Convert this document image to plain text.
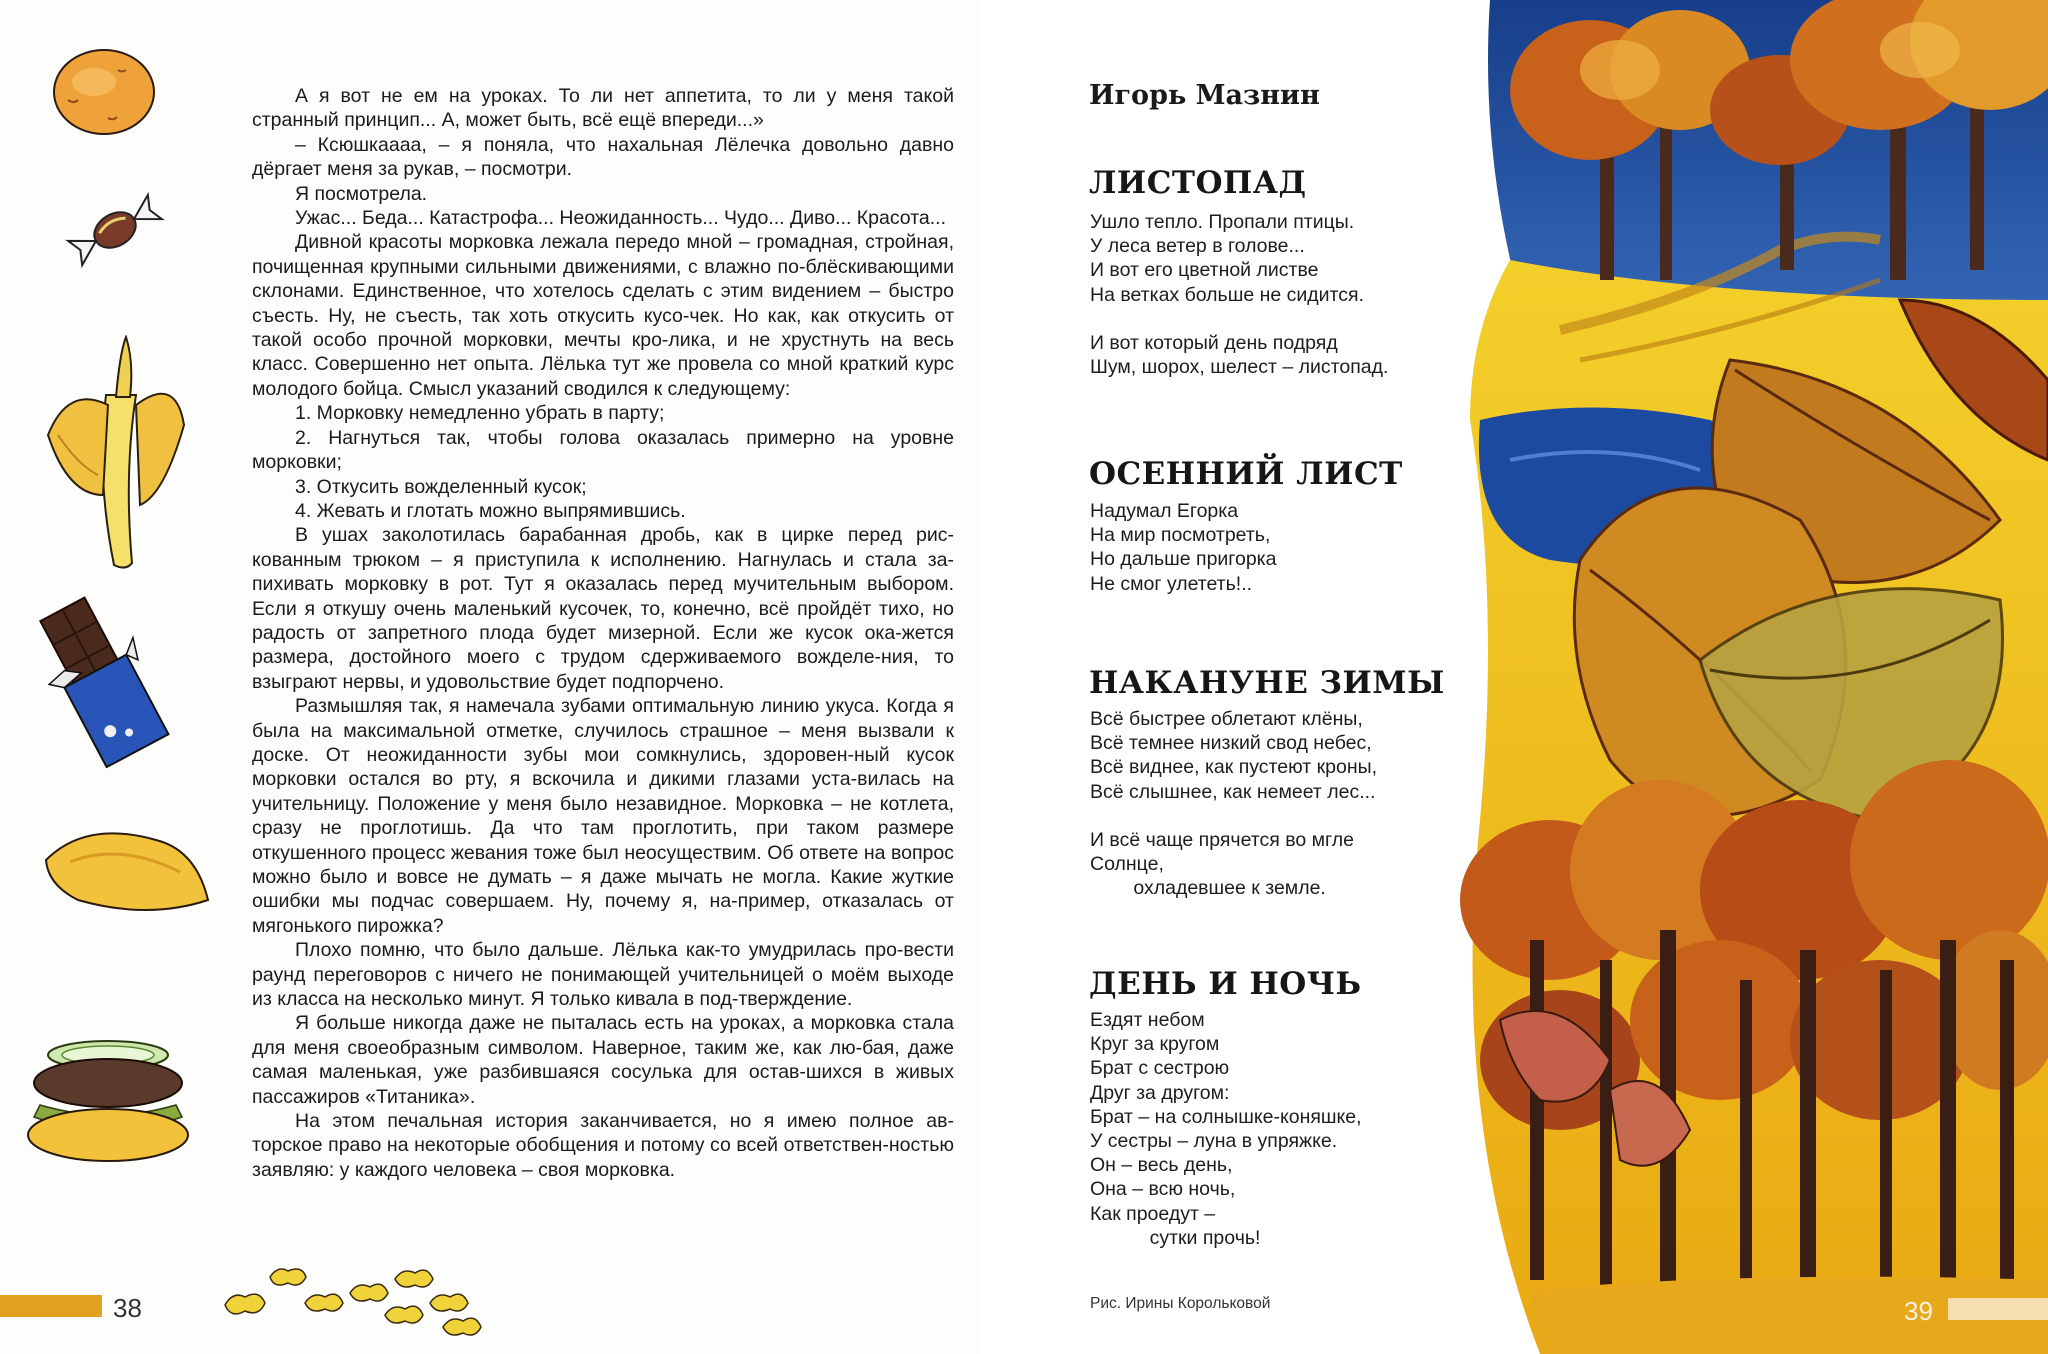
А я вот не ем на уроках. То ли нет аппетита, то ли у меня такой странный принцип... А, может быть, всё ещё впереди...»

– Ксюшкаааа, – я поняла, что нахальная Лёлечка довольно давно дёргает меня за рукав, – посмотри.

Я посмотрела.

Ужас... Беда... Катастрофа... Неожиданность... Чудо... Диво... Красота...

Дивной красоты морковка лежала передо мной – громадная, стройная, почищенная крупными сильными движениями, с влажно по-блёскивающими склонами. Единственное, что хотелось сделать с этим видением – быстро съесть. Ну, не съесть, так хоть откусить кусо-чек. Но как, как откусить от такой особо прочной морковки, мечты кро-лика, и не хрустнуть на весь класс. Совершенно нет опыта. Лёлька тут же провела со мной краткий курс молодого бойца. Смысл указаний сводился к следующему:

1. Морковку немедленно убрать в парту;

2. Нагнуться так, чтобы голова оказалась примерно на уровне морковки;

3. Откусить вожделенный кусок;

4. Жевать и глотать можно выпрямившись.

В ушах заколотилась барабанная дробь, как в цирке перед рис-кованным трюком – я приступила к исполнению. Нагнулась и стала за-пихивать морковку в рот. Тут я оказалась перед мучительным выбором. Если я откушу очень маленький кусочек, то, конечно, всё пройдёт тихо, но радость от запретного плода будет мизерной. Если же кусок ока-жется размера, достойного моего с трудом сдерживаемого вожделе-ния, то взыграют нервы, и удовольствие будет подпорчено.

Размышляя так, я намечала зубами оптимальную линию укуса. Когда я была на максимальной отметке, случилось страшное – меня вызвали к доске. От неожиданности зубы мои сомкнулись, здоровен-ный кусок морковки остался во рту, я вскочила и дикими глазами уста-вилась на учительницу. Положение у меня было незавидное. Морковка – не котлета, сразу не проглотишь. Да что там проглотить, при таком размере откушенного процесс жевания тоже был неосуществим. Об ответе на вопрос можно было и вовсе не думать – я даже мычать не могла. Какие жуткие ошибки мы подчас совершаем. Ну, почему я, на-пример, отказалась от мягонького пирожка?

Плохо помню, что было дальше. Лёлька как-то умудрилась про-вести раунд переговоров с ничего не понимающей учительницей о моём выходе из класса на несколько минут. Я только кивала в под-тверждение.

Я больше никогда даже не пыталась есть на уроках, а морковка стала для меня своеобразным символом. Наверное, таким же, как лю-бая, даже самая маленькая, уже разбившаяся сосулька для остав-шихся в живых пассажиров «Титаника».

На этом печальная история заканчивается, но я имею полное ав-торское право на некоторые обобщения и потому со всей ответствен-ностью заявляю: у каждого человека – своя морковка.

38
Игорь Мазнин
ЛИСТОПАД
Ушло тепло. Пропали птицы.
У леса ветер в голове...
И вот его цветной листве
На ветках больше не сидится.

И вот который день подряд
Шум, шорох, шелест – листопад.
ОСЕННИЙ ЛИСТ
Надумал Егорка
На мир посмотреть,
Но дальше пригорка
Не смог улететь!..
НАКАНУНЕ ЗИМЫ
Всё быстрее облетают клёны,
Всё темнее низкий свод небес,
Всё виднее, как пустеют кроны,
Всё слышнее, как немеет лес...

И всё чаще прячется во мгле
Солнце,
охладевшее к земле.
ДЕНЬ И НОЧЬ
Ездят небом
Круг за кругом
Брат с сестрою
Друг за другом:
Брат – на солнышке-коняшке,
У сестры – луна в упряжке.
Он – весь день,
Она – всю ночь,
Как проедут –
сутки прочь!
Рис. Ирины Корольковой	39
